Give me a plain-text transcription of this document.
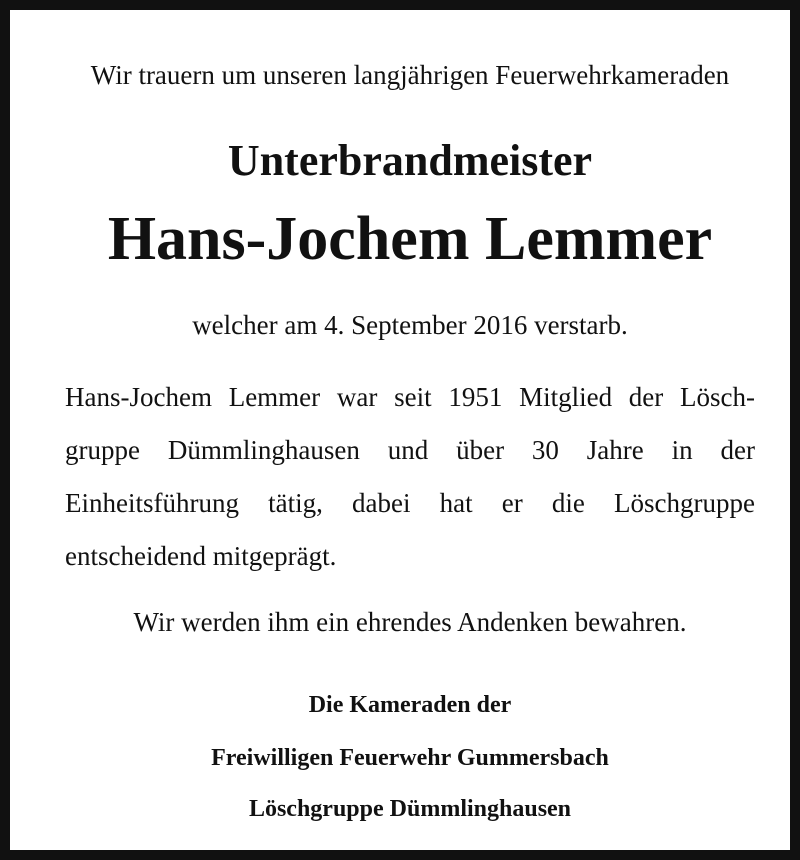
Wir trauern um unseren langjährigen Feuerwehrkameraden

Unterbrandmeister
Hans-Jochem Lemmer

welcher am 4. September 2016 verstarb.

Hans-Jochem Lemmer war seit 1951 Mitglied der Lösch-
gruppe Dümmlinghausen und über 30 Jahre in der
Einheitsführung tätig, dabei hat er die Löschgruppe
entscheidend mitgeprägt.

Wir werden ihm ein ehrendes Andenken bewahren.

Die Kameraden der

Freiwilligen Feuerwehr Gummersbach

Löschgruppe Dümmlinghausen
